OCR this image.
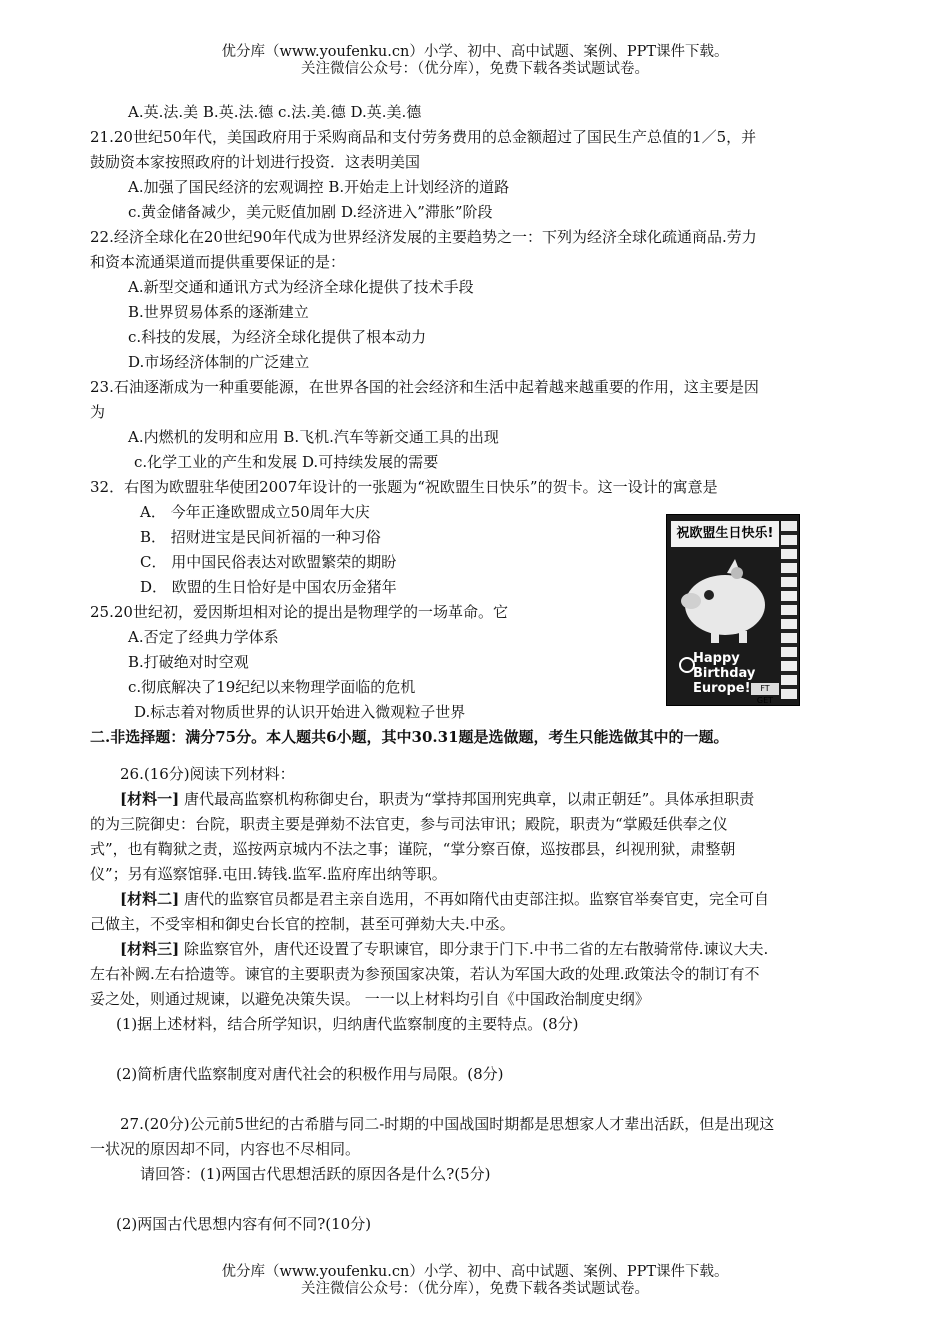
优分库（www.youfenku.cn）小学、初中、高中试题、案例、PPT课件下载。
关注微信公众号：（优分库），免费下载各类试题试卷。
A.英.法.美 B.英.法.德 c.法.美.德 D.英.美.德
21.20世纪50年代，美国政府用于采购商品和支付劳务费用的总金额超过了国民生产总值的1／5，并
鼓励资本家按照政府的计划进行投资．这表明美国
A.加强了国民经济的宏观调控 B.开始走上计划经济的道路
c.黄金储备减少，美元贬值加剧 D.经济进入”滞胀”阶段
22.经济全球化在20世纪90年代成为世界经济发展的主要趋势之一：下列为经济全球化疏通商品.劳力
和资本流通渠道而提供重要保证的是：
A.新型交通和通讯方式为经济全球化提供了技术手段
B.世界贸易体系的逐渐建立
c.科技的发展，为经济全球化提供了根本动力
D.市场经济体制的广泛建立
23.石油逐渐成为一种重要能源，在世界各国的社会经济和生活中起着越来越重要的作用，这主要是因
为
A.内燃机的发明和应用 B.飞机.汽车等新交通工具的出现
c.化学工业的产生和发展 D.可持续发展的需要
32．右图为欧盟驻华使团2007年设计的一张题为“祝欧盟生日快乐”的贺卡。这一设计的寓意是
A． 今年正逢欧盟成立50周年大庆
B． 招财进宝是民间祈福的一种习俗
C． 用中国民俗表达对欧盟繁荣的期盼
D． 欧盟的生日恰好是中国农历金猪年
25.20世纪初，爱因斯坦相对论的提出是物理学的一场革命。它
A.否定了经典力学体系
B.打破绝对时空观
c.彻底解决了19纪纪以来物理学面临的危机
D.标志着对物质世界的认识开始进入微观粒子世界
二.非选择题：满分75分。本人题共6小题，其中30.31题是选做题，考生只能选做其中的一题。
26.(16分)阅读下列材料：
[材料一] 唐代最高监察机构称御史台，职责为“掌持邦国刑宪典章，以肃正朝廷”。具体承担职责
的为三院御史：台院，职责主要是弹劾不法官吏，参与司法审讯；殿院，职责为“掌殿廷供奉之仪
式”，也有鞫狱之责，巡按两京城内不法之事；谨院，“掌分察百僚，巡按郡县，纠视刑狱，肃整朝
仪”；另有巡察馆驿.屯田.铸钱.监军.监府库出纳等职。
[材料二] 唐代的监察官员都是君主亲自选用，不再如隋代由吏部注拟。监察官举奏官吏，完全可自
己做主，不受宰相和御史台长官的控制，甚至可弹劾大夫.中丞。
[材料三] 除监察官外，唐代还设置了专职谏官，即分隶于门下.中书二省的左右散骑常侍.谏议大夫.
左右补阙.左右拾遗等。谏官的主要职责为参预国家决策，若认为军国大政的处理.政策法令的制订有不
妥之处，则通过规谏，以避免决策失误。 一一以上材料均引自《中国政治制度史纲》
(1)据上述材料，结合所学知识，归纳唐代监察制度的主要特点。(8分)
(2)简析唐代监察制度对唐代社会的积极作用与局限。(8分)
27.(20分)公元前5世纪的古希腊与同二-时期的中国战国时期都是思想家人才辈出活跃，但是出现这
一状况的原因却不同，内容也不尽相同。
请回答：(1)两国古代思想活跃的原因各是什么?(5分)
(2)两国古代思想内容有何不同?(10分)
祝欧盟生日快乐!
Happy Birthday Europe!	FT GET
优分库（www.youfenku.cn）小学、初中、高中试题、案例、PPT课件下载。
关注微信公众号：（优分库），免费下载各类试题试卷。
